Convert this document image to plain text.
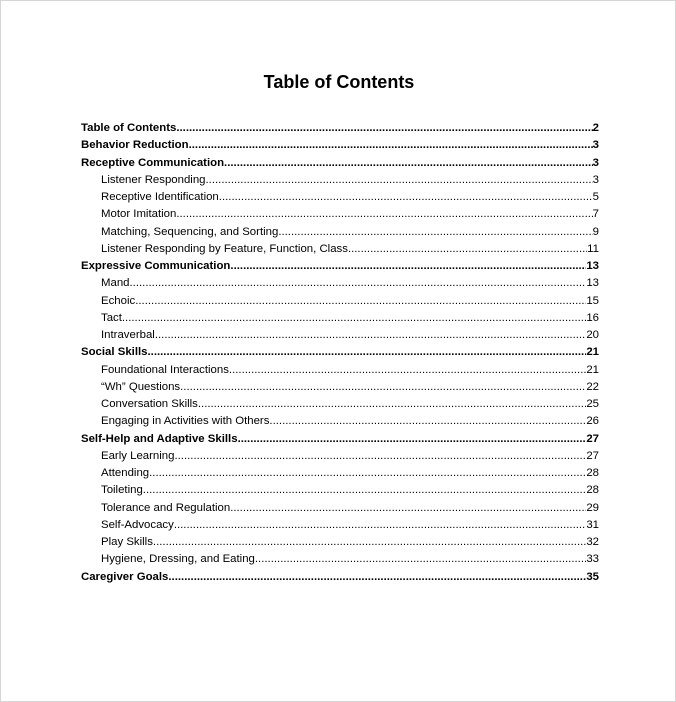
Table of Contents
Table of Contents .....	2
Behavior Reduction .....	3
Receptive Communication .....	3
Listener Responding .....	3
Receptive Identification .....	5
Motor Imitation .....	7
Matching, Sequencing, and Sorting .....	9
Listener Responding by Feature, Function, Class .....	11
Expressive Communication .....	13
Mand .....	13
Echoic .....	15
Tact .....	16
Intraverbal .....	20
Social Skills .....	21
Foundational Interactions .....	21
“Wh” Questions .....	22
Conversation Skills .....	25
Engaging in Activities with Others .....	26
Self-Help and Adaptive Skills .....	27
Early Learning .....	27
Attending .....	28
Toileting .....	28
Tolerance and Regulation .....	29
Self-Advocacy .....	31
Play Skills .....	32
Hygiene, Dressing, and Eating .....	33
Caregiver Goals .....	35
